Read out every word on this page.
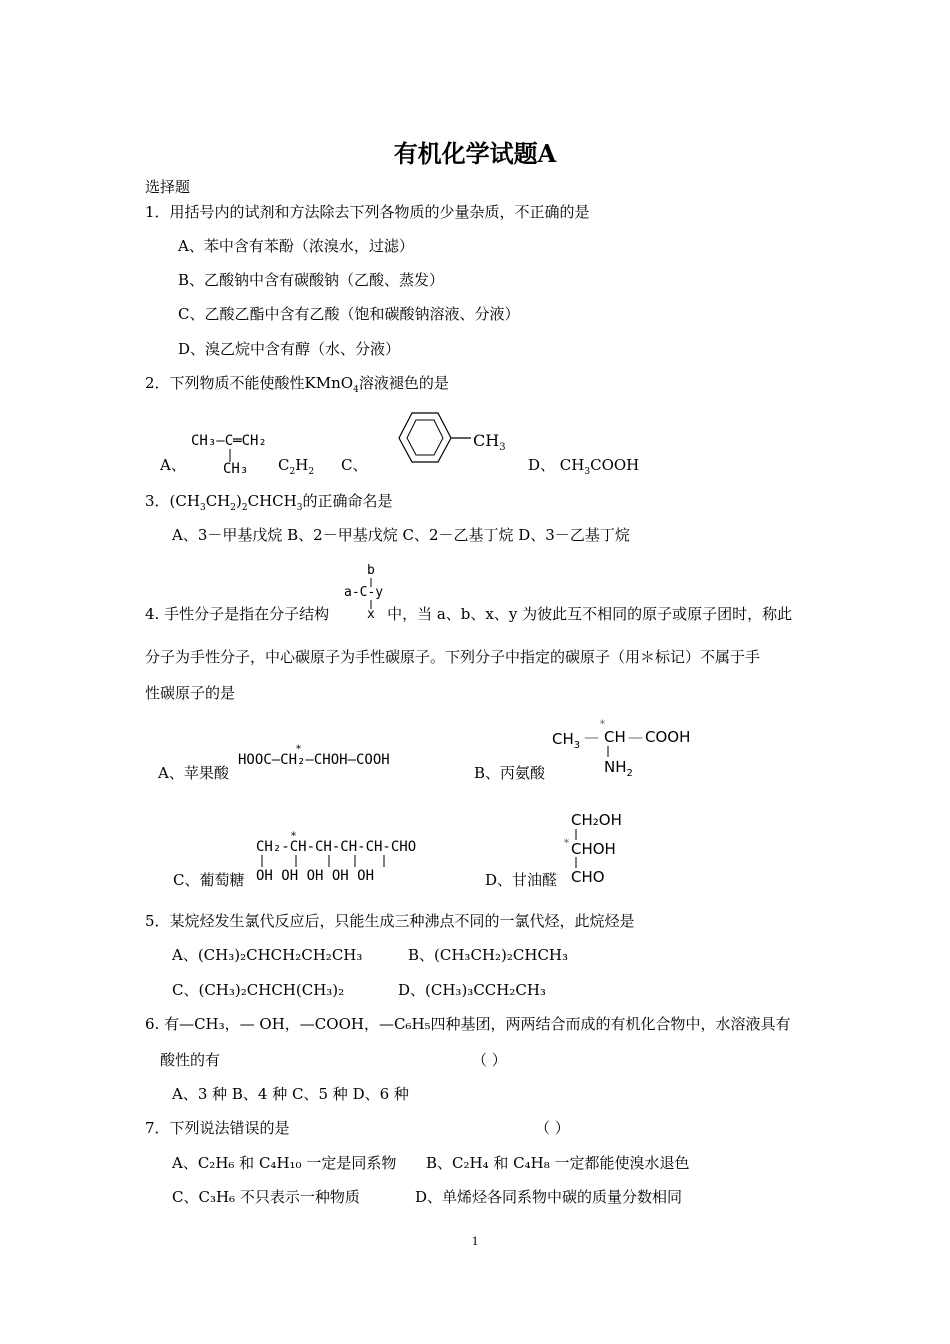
有机化学试题A
选择题
1．用括号内的试剂和方法除去下列各物质的少量杂质，不正确的是
A、苯中含有苯酚（浓溴水，过滤）
B、乙酸钠中含有碳酸钠（乙酸、蒸发）
C、乙酸乙酯中含有乙酸（饱和碳酸钠溶液、分液）
D、溴乙烷中含有醇（水、分液）
2．下列物质不能使酸性KMnO$_4$溶液褪色的是
A、
CH₃—C═CH₂
CH₃ $C_2H_2$ C、
$CH_3$
D、 $CH_3COOH$
3．$(CH_3CH_2)_2CHCH_3$的正确命名是
A、3－甲基戊烷 B、2－甲基戊烷 C、2－乙基丁烷 D、3－乙基丁烷
b
a-C-y
x
4. 手性分子是指在分子结构	中，当 a、b、x、y 为彼此互不相同的原子或原子团时，称此
分子为手性分子，中心碳原子为手性碳原子。下列分子中指定的碳原子（用＊标记）不属于手
性碳原子的是
A、苹果酸
HOOC—CH₂—CHOH—COOH
*
B、丙氨酸
$CH_3$ — CH — COOH
*
$NH_2$
C、葡萄糖
CH₂-CH-CH-CH-CH-CHO
*
OH OH OH OH OH	D、甘油醛
CH₂OH
* CHOH
CHO
5．某烷烃发生氯代反应后，只能生成三种沸点不同的一氯代烃，此烷烃是
A、(CH₃)₂CHCH₂CH₂CH₃	B、(CH₃CH₂)₂CHCH₃
C、(CH₃)₂CHCH(CH₃)₂	D、(CH₃)₃CCH₂CH₃
6. 有—CH₃，— OH，—COOH，—C₆H₅四种基团，两两结合而成的有机化合物中，水溶液具有
酸性的有	（ ）
A、3 种 B、4 种 C、5 种 D、6 种
7．下列说法错误的是	（ ）
A、C₂H₆ 和 C₄H₁₀ 一定是同系物 B、C₂H₄ 和 C₄H₈ 一定都能使溴水退色
C、C₃H₆ 不只表示一种物质	D、单烯烃各同系物中碳的质量分数相同
1
